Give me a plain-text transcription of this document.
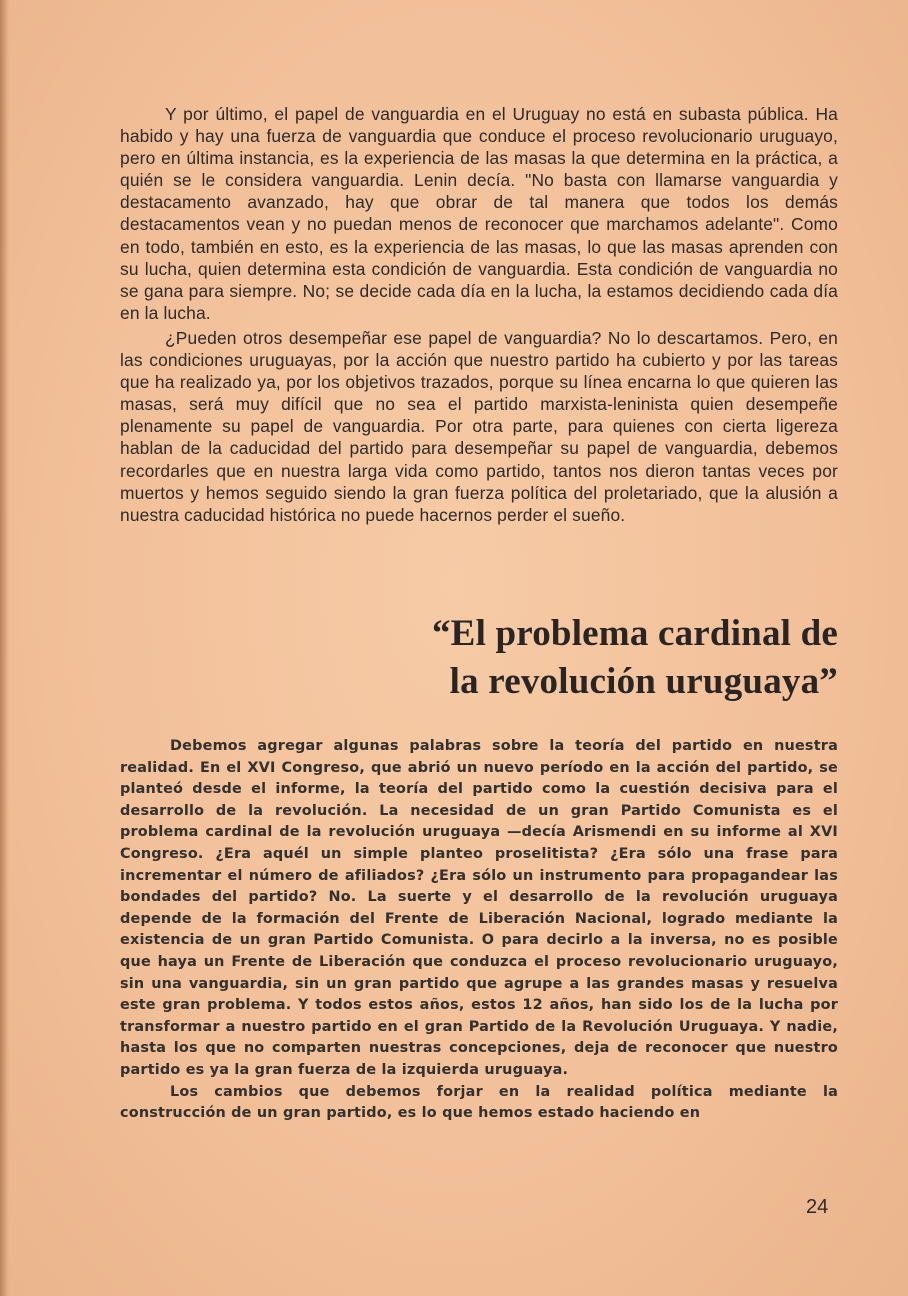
Y por último, el papel de vanguardia en el Uruguay no está en subasta pública. Ha habido y hay una fuerza de vanguardia que conduce el proceso revolucionario uruguayo, pero en última instancia, es la experiencia de las masas la que determina en la práctica, a quién se le considera vanguardia. Lenin decía. "No basta con llamarse vanguardia y destacamento avanzado, hay que obrar de tal manera que todos los demás destacamentos vean y no puedan menos de reconocer que marchamos adelante". Como en todo, también en esto, es la experiencia de las masas, lo que las masas aprenden con su lucha, quien determina esta condición de vanguardia. Esta condición de vanguardia no se gana para siempre. No; se decide cada día en la lucha, la estamos decidiendo cada día en la lucha.

¿Pueden otros desempeñar ese papel de vanguardia? No lo descartamos. Pero, en las condiciones uruguayas, por la acción que nuestro partido ha cubierto y por las tareas que ha realizado ya, por los objetivos trazados, porque su línea encarna lo que quieren las masas, será muy difícil que no sea el partido marxista-leninista quien desempeñe plenamente su papel de vanguardia. Por otra parte, para quienes con cierta ligereza hablan de la caducidad del partido para desempeñar su papel de vanguardia, debemos recordarles que en nuestra larga vida como partido, tantos nos dieron tantas veces por muertos y hemos seguido siendo la gran fuerza política del proletariado, que la alusión a nuestra caducidad histórica no puede hacernos perder el sueño.

“El problema cardinal de
la revolución uruguaya”

Debemos agregar algunas palabras sobre la teoría del partido en nuestra realidad. En el XVI Congreso, que abrió un nuevo período en la acción del partido, se planteó desde el informe, la teoría del partido como la cuestión decisiva para el desarrollo de la revolución. La necesidad de un gran Partido Comunista es el problema cardinal de la revolución uruguaya —decía Arismendi en su informe al XVI Congreso. ¿Era aquél un simple planteo proselitista? ¿Era sólo una frase para incrementar el número de afiliados? ¿Era sólo un instrumento para propagandear las bondades del partido? No. La suerte y el desarrollo de la revolución uruguaya depende de la formación del Frente de Liberación Nacional, logrado mediante la existencia de un gran Partido Comunista. O para decirlo a la inversa, no es posible que haya un Frente de Liberación que conduzca el proceso revolucionario uruguayo, sin una vanguardia, sin un gran partido que agrupe a las grandes masas y resuelva este gran problema. Y todos estos años, estos 12 años, han sido los de la lucha por transformar a nuestro partido en el gran Partido de la Revolución Uruguaya. Y nadie, hasta los que no comparten nuestras concepciones, deja de reconocer que nuestro partido es ya la gran fuerza de la izquierda uruguaya.

Los cambios que debemos forjar en la realidad política mediante la construcción de un gran partido, es lo que hemos estado haciendo en

24
